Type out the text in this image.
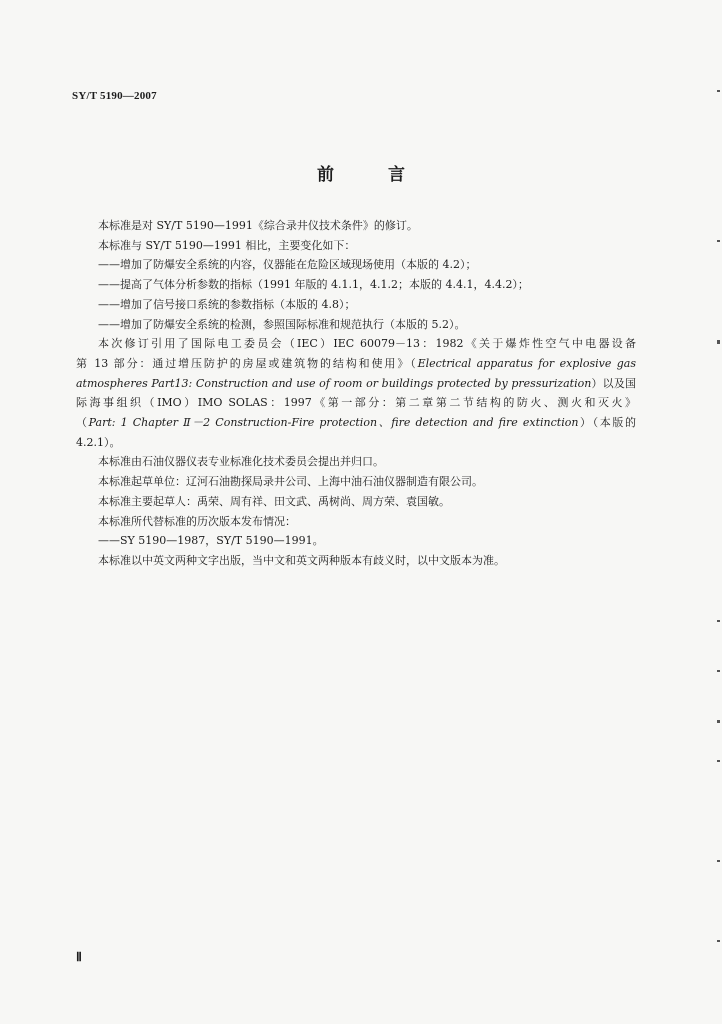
SY/T 5190—2007
前 言

本标准是对 SY/T 5190—1991《综合录井仪技术条件》的修订。

本标准与 SY/T 5190—1991 相比，主要变化如下：

——增加了防爆安全系统的内容，仪器能在危险区域现场使用（本版的 4.2）；

——提高了气体分析参数的指标（1991 年版的 4.1.1，4.1.2；本版的 4.4.1，4.4.2）；

——增加了信号接口系统的参数指标（本版的 4.8）；

——增加了防爆安全系统的检测，参照国际标准和规范执行（本版的 5.2）。

本次修订引用了国际电工委员会（IEC）IEC 60079－13：1982《关于爆炸性空气中电器设备
第 13 部分：通过增压防护的房屋或建筑物的结构和使用》（Electrical apparatus for explosive gas
atmospheres Part13: Construction and use of room or buildings protected by pressurization）以及国
际海事组织（IMO）IMO SOLAS：1997《第一部分：第二章第二节结构的防火、测火和灭火》
（Part: 1 Chapter Ⅱ－2 Construction-Fire protection、fire detection and fire extinction）（本版的
4.2.1）。

本标准由石油仪器仪表专业标准化技术委员会提出并归口。

本标准起草单位：辽河石油勘探局录井公司、上海中油石油仪器制造有限公司。

本标准主要起草人：禹荣、周有祥、田文武、禹树尚、周方荣、袁国敏。

本标准所代替标准的历次版本发布情况：

——SY 5190—1987，SY/T 5190—1991。

本标准以中英文两种文字出版，当中文和英文两种版本有歧义时，以中文版本为准。

Ⅱ
